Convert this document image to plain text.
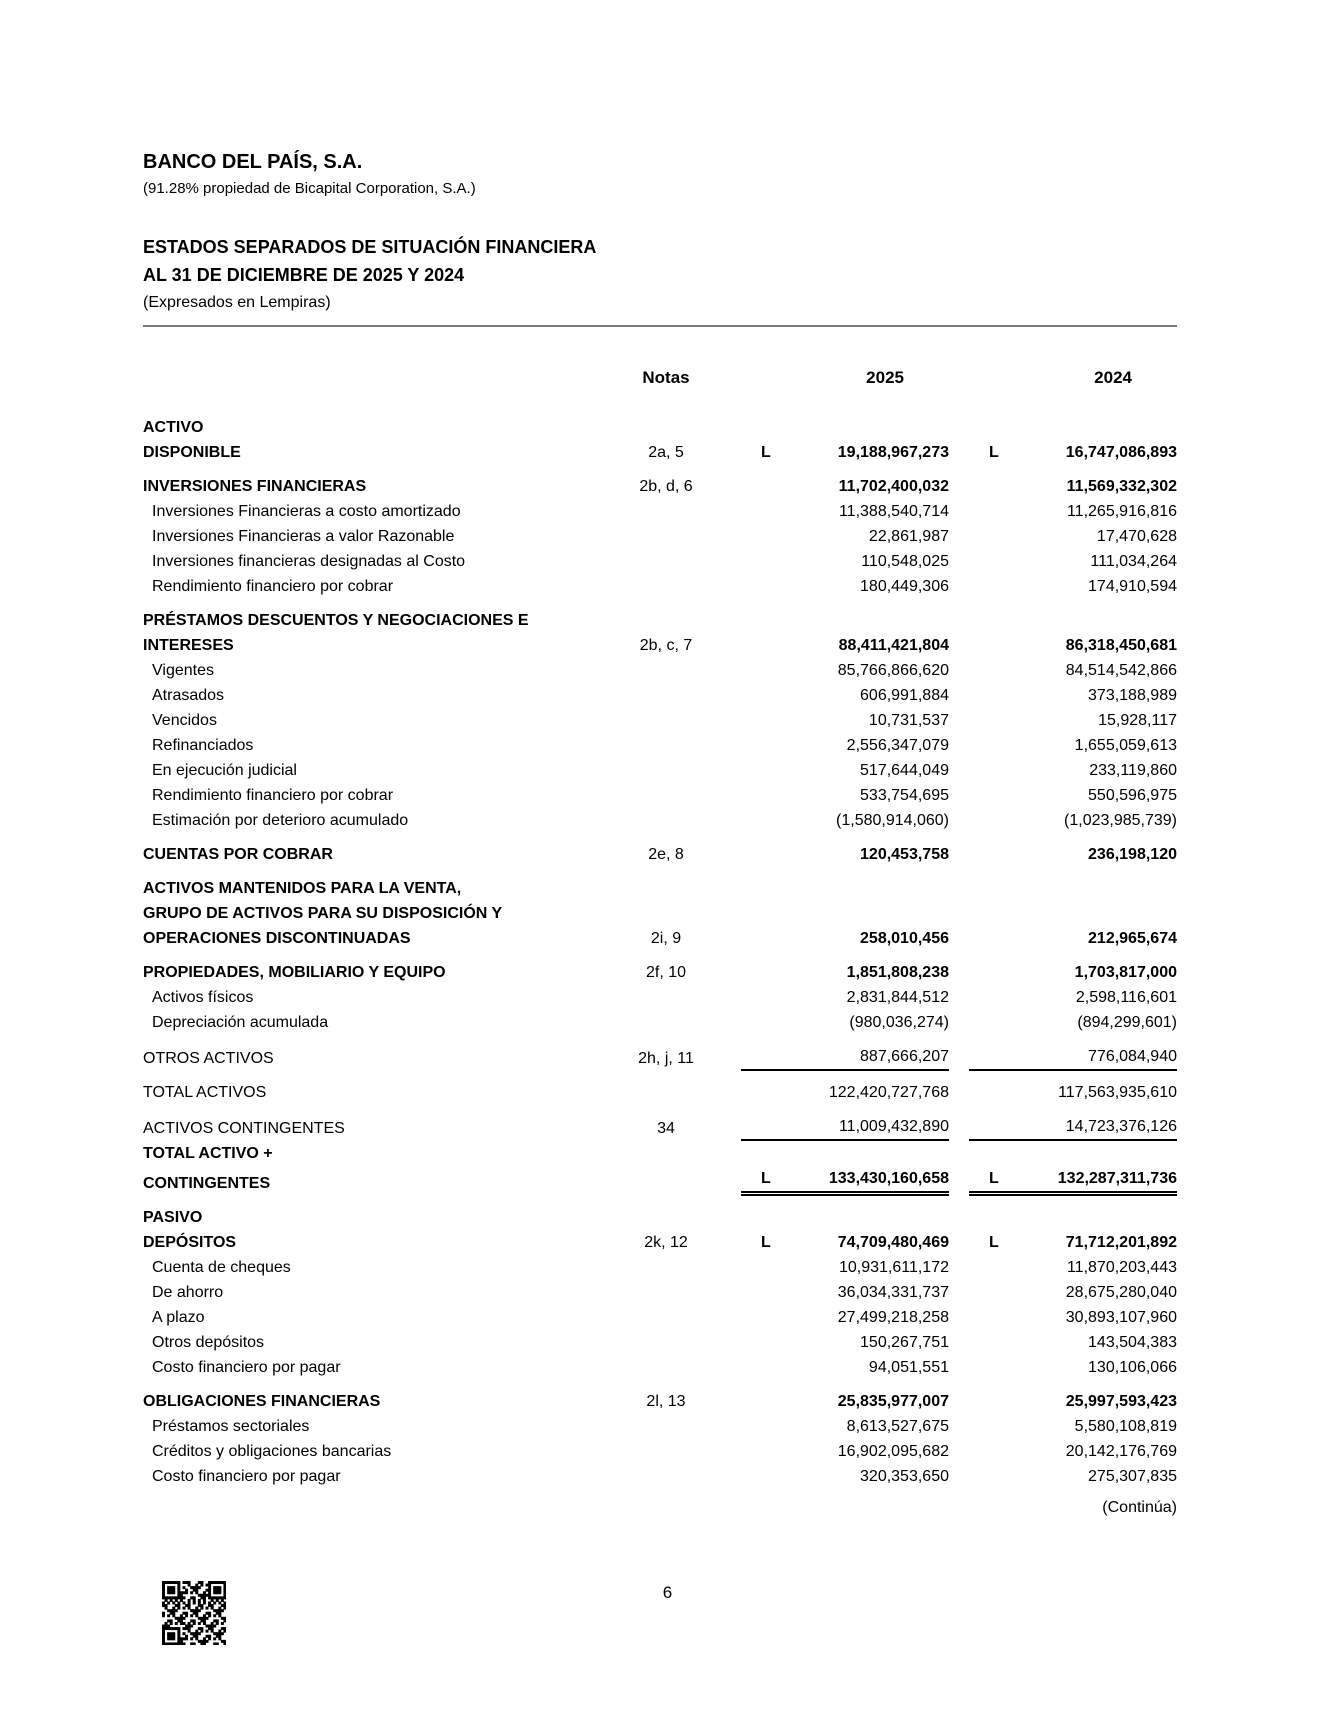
BANCO DEL PAÍS, S.A.
(91.28% propiedad de Bicapital Corporation, S.A.)
ESTADOS SEPARADOS DE SITUACIÓN FINANCIERA
AL 31 DE DICIEMBRE DE 2025 Y 2024
(Expresados en Lempiras)
Notas	2025	2024
ACTIVO
DISPONIBLE	2a, 5	L	19,188,967,273	L	16,747,086,893
INVERSIONES FINANCIERAS	2b, d, 6	11,702,400,032	11,569,332,302
Inversiones Financieras a costo amortizado	11,388,540,714	11,265,916,816
Inversiones Financieras a valor Razonable	22,861,987	17,470,628
Inversiones financieras designadas al Costo	110,548,025	111,034,264
Rendimiento financiero por cobrar	180,449,306	174,910,594
PRÉSTAMOS DESCUENTOS Y NEGOCIACIONES E
INTERESES	2b, c, 7	88,411,421,804	86,318,450,681
Vigentes	85,766,866,620	84,514,542,866
Atrasados	606,991,884	373,188,989
Vencidos	10,731,537	15,928,117
Refinanciados	2,556,347,079	1,655,059,613
En ejecución judicial	517,644,049	233,119,860
Rendimiento financiero por cobrar	533,754,695	550,596,975
Estimación por deterioro acumulado	(1,580,914,060)	(1,023,985,739)
CUENTAS POR COBRAR	2e, 8	120,453,758	236,198,120
ACTIVOS MANTENIDOS PARA LA VENTA,
GRUPO DE ACTIVOS PARA SU DISPOSICIÓN Y
OPERACIONES DISCONTINUADAS	2i, 9	258,010,456	212,965,674
PROPIEDADES, MOBILIARIO Y EQUIPO	2f, 10	1,851,808,238	1,703,817,000
Activos físicos	2,831,844,512	2,598,116,601
Depreciación acumulada	(980,036,274)	(894,299,601)
OTROS ACTIVOS	2h, j, 11	887,666,207	776,084,940
TOTAL ACTIVOS	122,420,727,768	117,563,935,610
ACTIVOS CONTINGENTES	34	11,009,432,890	14,723,376,126
TOTAL ACTIVO +
CONTINGENTES	L	133,430,160,658	L	132,287,311,736
PASIVO
DEPÓSITOS	2k, 12	L	74,709,480,469	L	71,712,201,892
Cuenta de cheques	10,931,611,172	11,870,203,443
De ahorro	36,034,331,737	28,675,280,040
A plazo	27,499,218,258	30,893,107,960
Otros depósitos	150,267,751	143,504,383
Costo financiero por pagar	94,051,551	130,106,066
OBLIGACIONES FINANCIERAS	2l, 13	25,835,977,007	25,997,593,423
Préstamos sectoriales	8,613,527,675	5,580,108,819
Créditos y obligaciones bancarias	16,902,095,682	20,142,176,769
Costo financiero por pagar	320,353,650	275,307,835
(Continúa)
6
